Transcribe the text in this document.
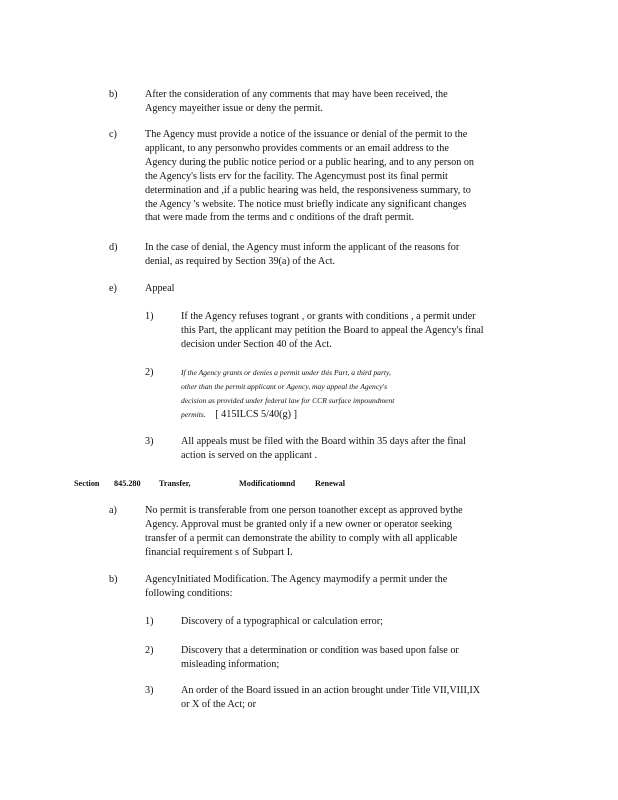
b)	After the consideration of any comments that may have been received, the
Agency mayeither issue or deny the permit.
c)	The Agency must provide a notice of the issuance or denial of the permit to the
applicant, to any personwho provides comments or an email address to the
Agency during the public notice period or a public hearing, and to any person on
the Agency's lists erv for the facility. The Agencymust post its final permit
determination and ,if a public hearing was held, the responsiveness summary, to
the Agency 's website. The notice must briefly indicate any significant changes
that were made from the terms and c onditions of the draft permit.
d)	In the case of denial, the Agency must inform the applicant of the reasons for
denial, as required by Section 39(a) of the Act.
e)	Appeal
1)	If the Agency refuses togrant , or grants with conditions , a permit under
this Part, the applicant may petition the Board to appeal the Agency's final
decision under Section 40 of the Act.
2)	If the Agency grants or denies a permit under this Part, a third party,
other than the permit applicant or Agency, may appeal the Agency's
decision as provided under federal law for CCR surface impoundment
permits. [ 415ILCS 5/40(g) ]
3)	All appeals must be filed with the Board within 35 days after the final
action is served on the applicant .
Section 845.280 Transfer,	Modification
and Renewal
a)	No permit is transferable from one person toanother except as approved bythe
Agency. Approval must be granted only if a new owner or operator seeking
transfer of a permit can demonstrate the ability to comply with all applicable
financial requirement s of Subpart I.
b)	AgencyInitiated Modification. The Agency maymodify a permit under the
following conditions:
1)	Discovery of a typographical or calculation error;
2)	Discovery that a determination or condition was based upon false or
misleading information;
3)	An order of the Board issued in an action brought under Title VII,VIII,IX
or X of the Act; or
